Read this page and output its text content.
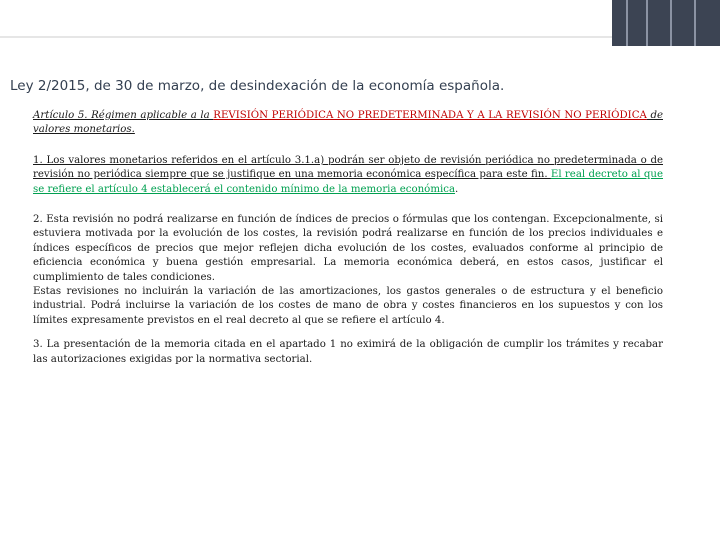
Ley 2/2015, de 30 de marzo, de desindexación de la economía española.

Artículo 5. Régimen aplicable a la REVISIÓN PERIÓDICA NO PREDETERMINADA Y A LA REVISIÓN NO PERIÓDICA de valores monetarios.

1. Los valores monetarios referidos en el artículo 3.1.a) podrán ser objeto de revisión periódica no predeterminada o de revisión no periódica siempre que se justifique en una memoria económica específica para este fin. El real decreto al que se refiere el artículo 4 establecerá el contenido mínimo de la memoria económica.

2. Esta revisión no podrá realizarse en función de índices de precios o fórmulas que los contengan. Excepcionalmente, si estuviera motivada por la evolución de los costes, la revisión podrá realizarse en función de los precios individuales e índices específicos de precios que mejor reflejen dicha evolución de los costes, evaluados conforme al principio de eficiencia económica y buena gestión empresarial. La memoria económica deberá, en estos casos, justificar el cumplimiento de tales condiciones.

Estas revisiones no incluirán la variación de las amortizaciones, los gastos generales o de estructura y el beneficio industrial. Podrá incluirse la variación de los costes de mano de obra y costes financieros en los supuestos y con los límites expresamente previstos en el real decreto al que se refiere el artículo 4.

3. La presentación de la memoria citada en el apartado 1 no eximirá de la obligación de cumplir los trámites y recabar las autorizaciones exigidas por la normativa sectorial.
